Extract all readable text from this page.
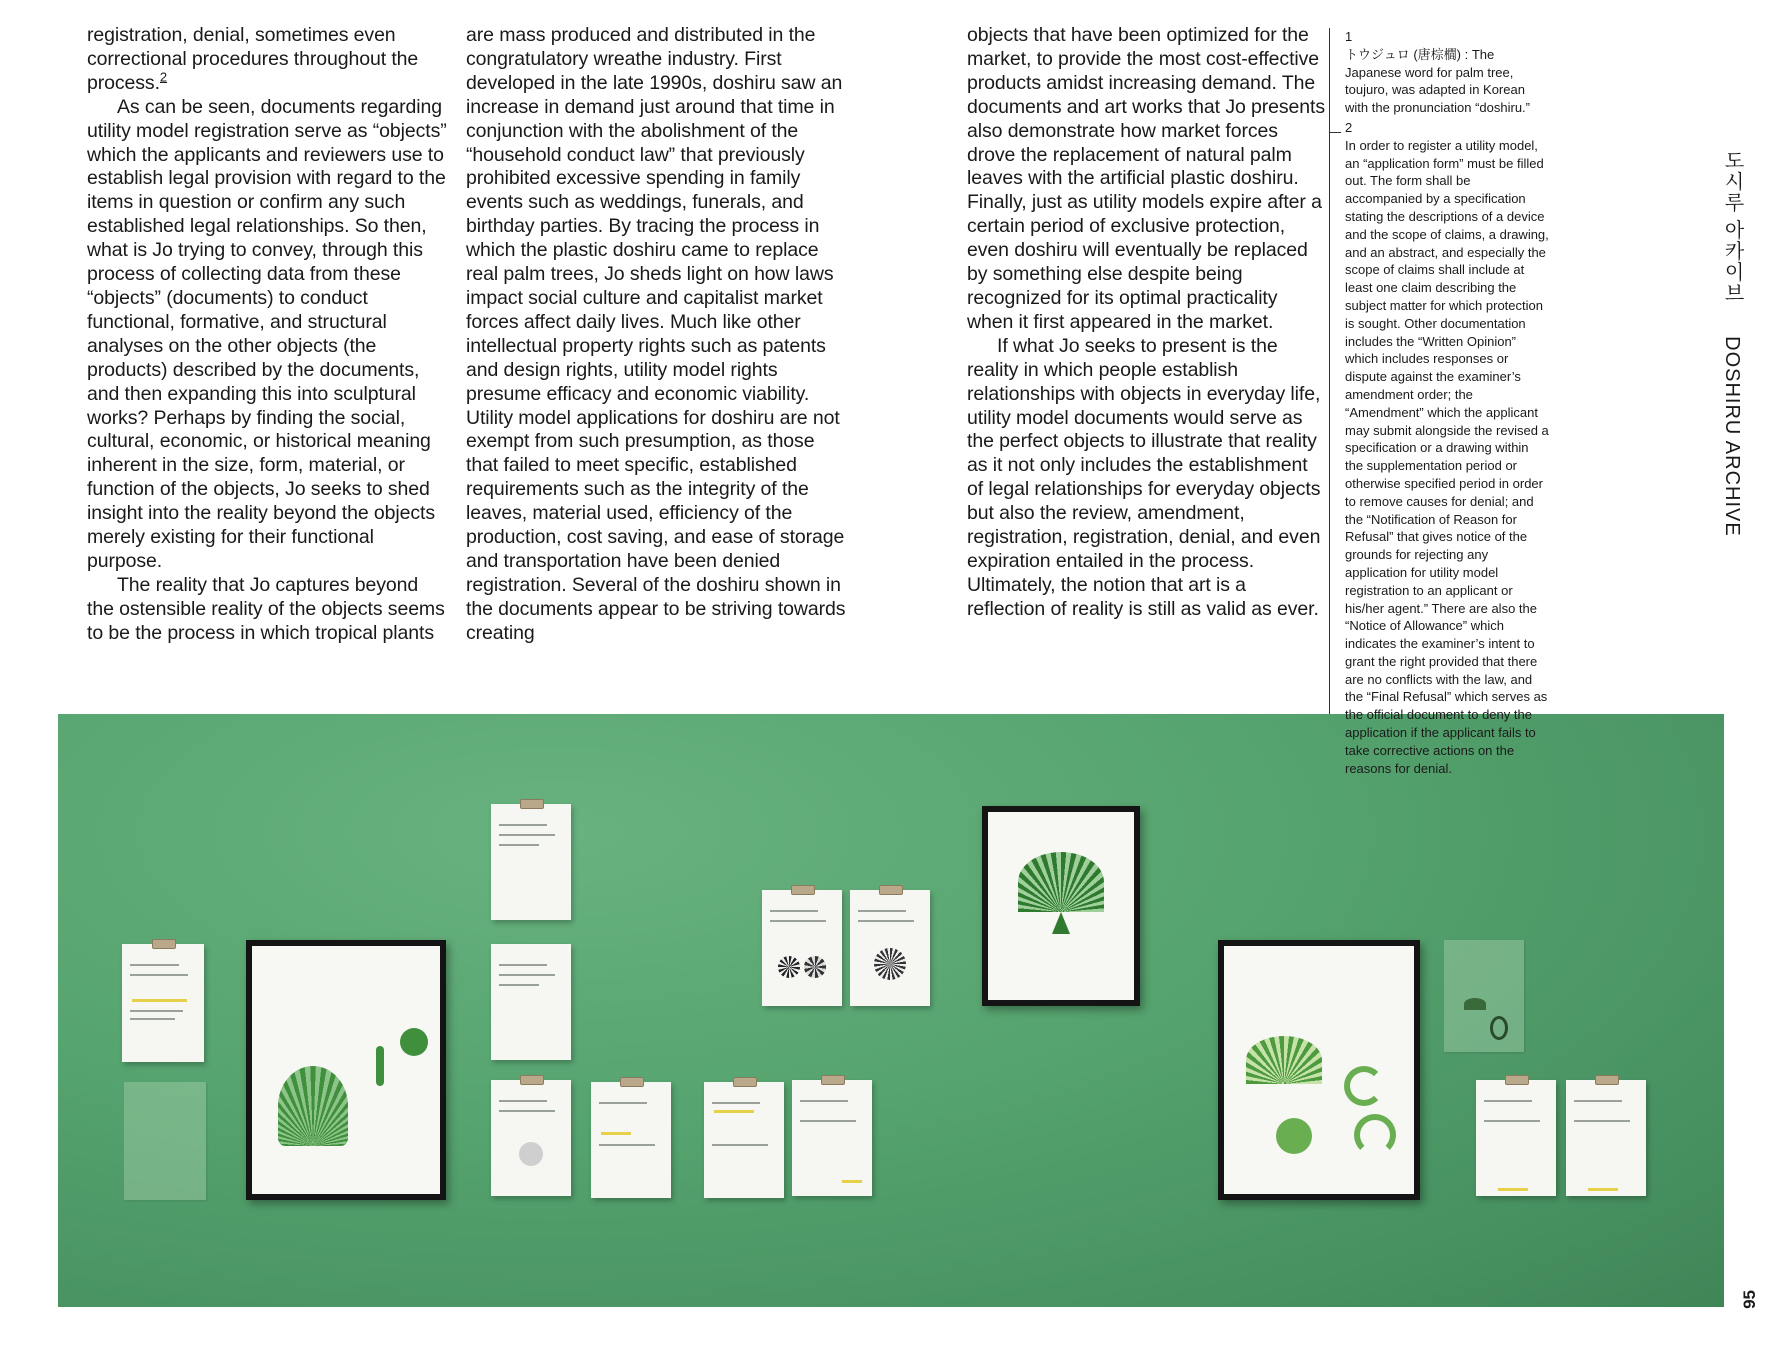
registration, denial, sometimes even correctional procedures throughout the process.$^2$

As can be seen, documents regarding utility model registration serve as “objects” which the applicants and reviewers use to establish legal provision with regard to the items in question or confirm any such established legal relationships. So then, what is Jo trying to convey, through this process of collecting data from these “objects” (documents) to conduct functional, formative, and structural analyses on the other objects (the products) described by the documents, and then expanding this into sculptural works? Perhaps by finding the social, cultural, economic, or historical meaning inherent in the size, form, material, or function of the objects, Jo seeks to shed insight into the reality beyond the objects merely existing for their functional purpose.

The reality that Jo captures beyond the ostensible reality of the objects seems to be the process in which tropical plants

are mass produced and distributed in the congratulatory wreathe industry. First developed in the late 1990s, doshiru saw an increase in demand just around that time in conjunction with the abolishment of the “household conduct law” that previously prohibited excessive spending in family events such as weddings, funerals, and birthday parties. By tracing the process in which the plastic doshiru came to replace real palm trees, Jo sheds light on how laws impact social culture and capitalist market forces affect daily lives. Much like other intellectual property rights such as patents and design rights, utility model rights presume efficacy and economic viability. Utility model applications for doshiru are not exempt from such presumption, as those that failed to meet specific, established requirements such as the integrity of the leaves, material used, efficiency of the production, cost saving, and ease of storage and transportation have been denied registration. Several of the doshiru shown in the documents appear to be striving towards creating

objects that have been optimized for the market, to provide the most cost-effective products amidst increasing demand. The documents and art works that Jo presents also demonstrate how market forces drove the replacement of natural palm leaves with the artificial plastic doshiru. Finally, just as utility models expire after a certain period of exclusive protection, even doshiru will eventually be replaced by something else despite being recognized for its optimal practicality when it first appeared in the market.

If what Jo seeks to present is the reality in which people establish relationships with objects in everyday life, utility model documents would serve as the perfect objects to illustrate that reality as it not only includes the establishment of legal relationships for everyday objects but also the review, amendment, registration, registration, denial, and even expiration entailed in the process. Ultimately, the notion that art is a reflection of reality is still as valid as ever.

1
トウジュロ (唐棕櫚) : The Japanese word for palm tree, toujuro, was adapted in Korean with the pronunciation “doshiru.”
2
In order to register a utility model, an “application form” must be filled out. The form shall be accompanied by a specification stating the descriptions of a device and the scope of claims, a drawing, and an abstract, and especially the scope of claims shall include at least one claim describing the subject matter for which protection is sought. Other documentation includes the “Written Opinion” which includes responses or dispute against the examiner’s amendment order; the “Amendment” which the applicant may submit alongside the revised a specification or a drawing within the supplementation period or otherwise specified period in order to remove causes for denial; and the “Notification of Reason for Refusal” that gives notice of the grounds for rejecting any application for utility model registration to an applicant or his/her agent.” There are also the “Notice of Allowance” which indicates the examiner’s intent to grant the right provided that there are no conflicts with the law, and the “Final Refusal” which serves as the official document to deny the application if the applicant fails to take corrective actions on the reasons for denial.
도시루 아카이브 DOSHIRU ARCHIVE
95
